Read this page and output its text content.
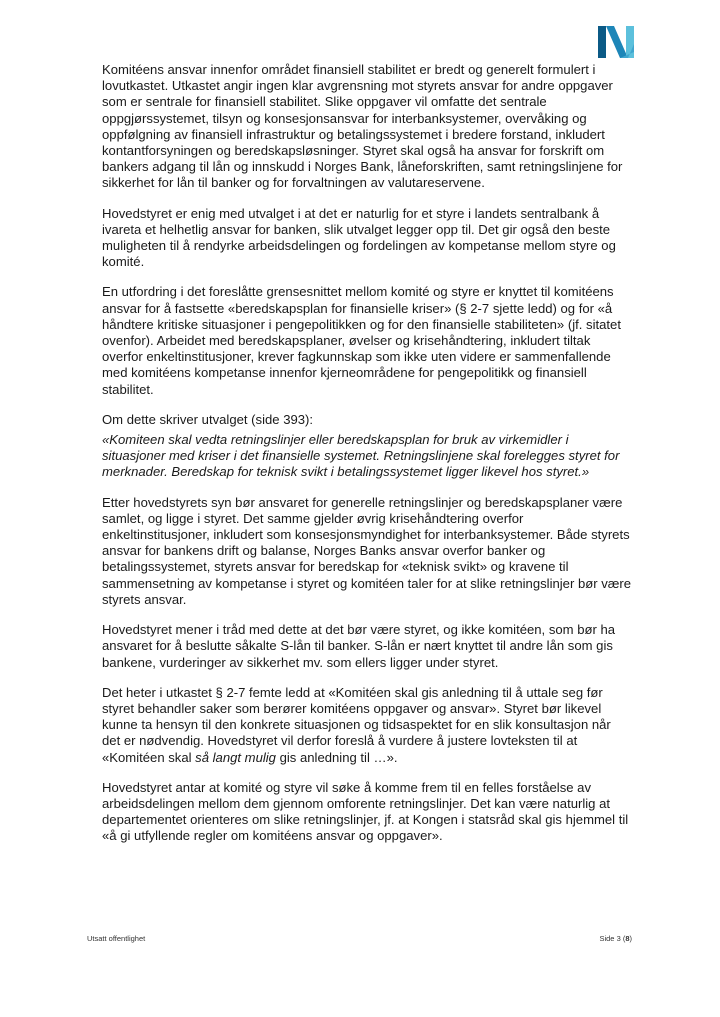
Komitéens ansvar innenfor området finansiell stabilitet er bredt og generelt formulert i lovutkastet. Utkastet angir ingen klar avgrensning mot styrets ansvar for andre oppgaver som er sentrale for finansiell stabilitet. Slike oppgaver vil omfatte det sentrale oppgjørssystemet, tilsyn og konsesjonsansvar for interbanksystemer, overvåking og oppfølgning av finansiell infrastruktur og betalingssystemet i bredere forstand, inkludert kontantforsyningen og beredskapsløsninger. Styret skal også ha ansvar for forskrift om bankers adgang til lån og innskudd i Norges Bank, låneforskriften, samt retningslinjene for sikkerhet for lån til banker og for forvaltningen av valutareservene.

Hovedstyret er enig med utvalget i at det er naturlig for et styre i landets sentralbank å ivareta et helhetlig ansvar for banken, slik utvalget legger opp til. Det gir også den beste muligheten til å rendyrke arbeidsdelingen og fordelingen av kompetanse mellom styre og komité.

En utfordring i det foreslåtte grensesnittet mellom komité og styre er knyttet til komitéens ansvar for å fastsette «beredskapsplan for finansielle kriser» (§ 2-7 sjette ledd) og for «å håndtere kritiske situasjoner i pengepolitikken og for den finansielle stabiliteten» (jf. sitatet ovenfor). Arbeidet med beredskapsplaner, øvelser og krisehåndtering, inkludert tiltak overfor enkeltinstitusjoner, krever fagkunnskap som ikke uten videre er sammenfallende med komitéens kompetanse innenfor kjerneområdene for pengepolitikk og finansiell stabilitet.

Om dette skriver utvalget (side 393):

«Komiteen skal vedta retningslinjer eller beredskapsplan for bruk av virkemidler i situasjoner med kriser i det finansielle systemet. Retningslinjene skal forelegges styret for merknader. Beredskap for teknisk svikt i betalingssystemet ligger likevel hos styret.»

Etter hovedstyrets syn bør ansvaret for generelle retningslinjer og beredskapsplaner være samlet, og ligge i styret. Det samme gjelder øvrig krisehåndtering overfor enkeltinstitusjoner, inkludert som konsesjonsmyndighet for interbanksystemer. Både styrets ansvar for bankens drift og balanse, Norges Banks ansvar overfor banker og betalingssystemet, styrets ansvar for beredskap for «teknisk svikt» og kravene til sammensetning av kompetanse i styret og komitéen taler for at slike retningslinjer bør være styrets ansvar.

Hovedstyret mener i tråd med dette at det bør være styret, og ikke komitéen, som bør ha ansvaret for å beslutte såkalte S-lån til banker. S-lån er nært knyttet til andre lån som gis bankene, vurderinger av sikkerhet mv. som ellers ligger under styret.

Det heter i utkastet § 2-7 femte ledd at «Komitéen skal gis anledning til å uttale seg før styret behandler saker som berører komitéens oppgaver og ansvar». Styret bør likevel kunne ta hensyn til den konkrete situasjonen og tidsaspektet for en slik konsultasjon når det er nødvendig. Hovedstyret vil derfor foreslå å vurdere å justere lovteksten til at «Komitéen skal så langt mulig gis anledning til …».

Hovedstyret antar at komité og styre vil søke å komme frem til en felles forståelse av arbeidsdelingen mellom dem gjennom omforente retningslinjer. Det kan være naturlig at departementet orienteres om slike retningslinjer, jf. at Kongen i statsråd skal gis hjemmel til «å gi utfyllende regler om komitéens ansvar og oppgaver».

Utsatt offentlighet	Side 3 (8)
